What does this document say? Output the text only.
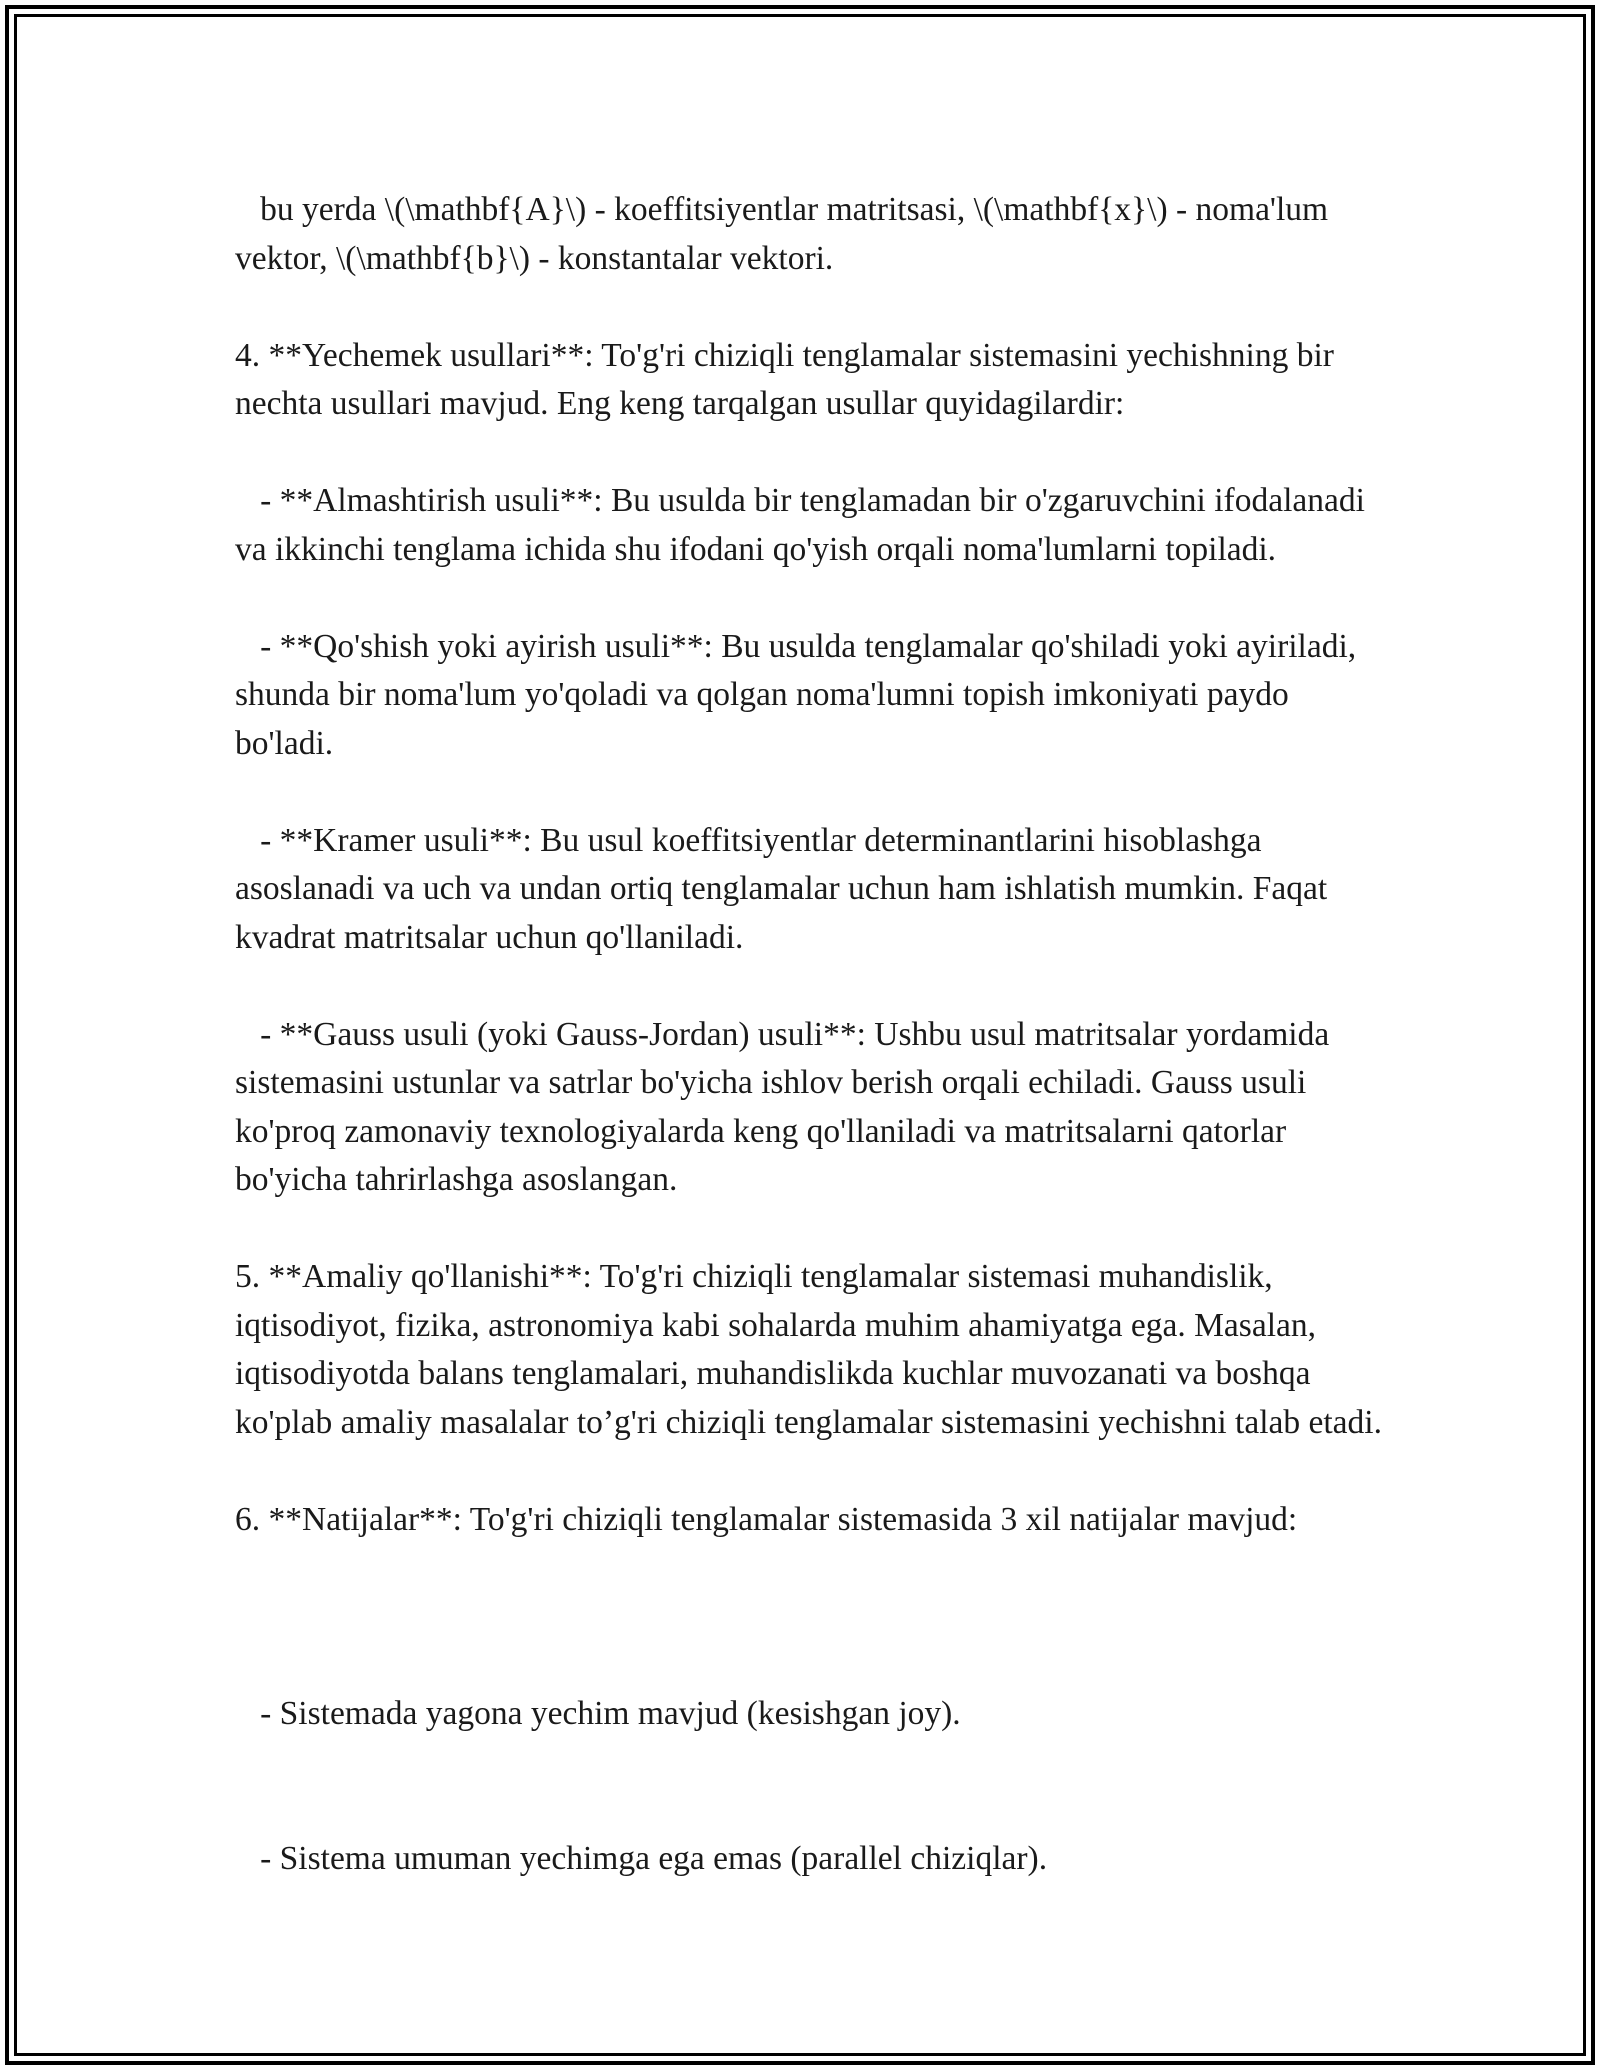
bu yerda \(\mathbf{A}\) - koeffitsiyentlar matritsasi, \(\mathbf{x}\) - noma'lum vektor, \(\mathbf{b}\) - konstantalar vektori.

4. **Yechemek usullari**: To'g'ri chiziqli tenglamalar sistemasini yechishning bir nechta usullari mavjud. Eng keng tarqalgan usullar quyidagilardir:

- **Almashtirish usuli**: Bu usulda bir tenglamadan bir o'zgaruvchini ifodalanadi va ikkinchi tenglama ichida shu ifodani qo'yish orqali noma'lumlarni topiladi.

- **Qo'shish yoki ayirish usuli**: Bu usulda tenglamalar qo'shiladi yoki ayiriladi, shunda bir noma'lum yo'qoladi va qolgan noma'lumni topish imkoniyati paydo bo'ladi.

- **Kramer usuli**: Bu usul koeffitsiyentlar determinantlarini hisoblashga asoslanadi va uch va undan ortiq tenglamalar uchun ham ishlatish mumkin. Faqat kvadrat matritsalar uchun qo'llaniladi.

- **Gauss usuli (yoki Gauss-Jordan) usuli**: Ushbu usul matritsalar yordamida sistemasini ustunlar va satrlar bo'yicha ishlov berish orqali echiladi. Gauss usuli ko'proq zamonaviy texnologiyalarda keng qo'llaniladi va matritsalarni qatorlar bo'yicha tahrirlashga asoslangan.

5. **Amaliy qo'llanishi**: To'g'ri chiziqli tenglamalar sistemasi muhandislik, iqtisodiyot, fizika, astronomiya kabi sohalarda muhim ahamiyatga ega. Masalan, iqtisodiyotda balans tenglamalari, muhandislikda kuchlar muvozanati va boshqa ko'plab amaliy masalalar to’g'ri chiziqli tenglamalar sistemasini yechishni talab etadi.

6. **Natijalar**: To'g'ri chiziqli tenglamalar sistemasida 3 xil natijalar mavjud:

- Sistemada yagona yechim mavjud (kesishgan joy).

- Sistema umuman yechimga ega emas (parallel chiziqlar).
